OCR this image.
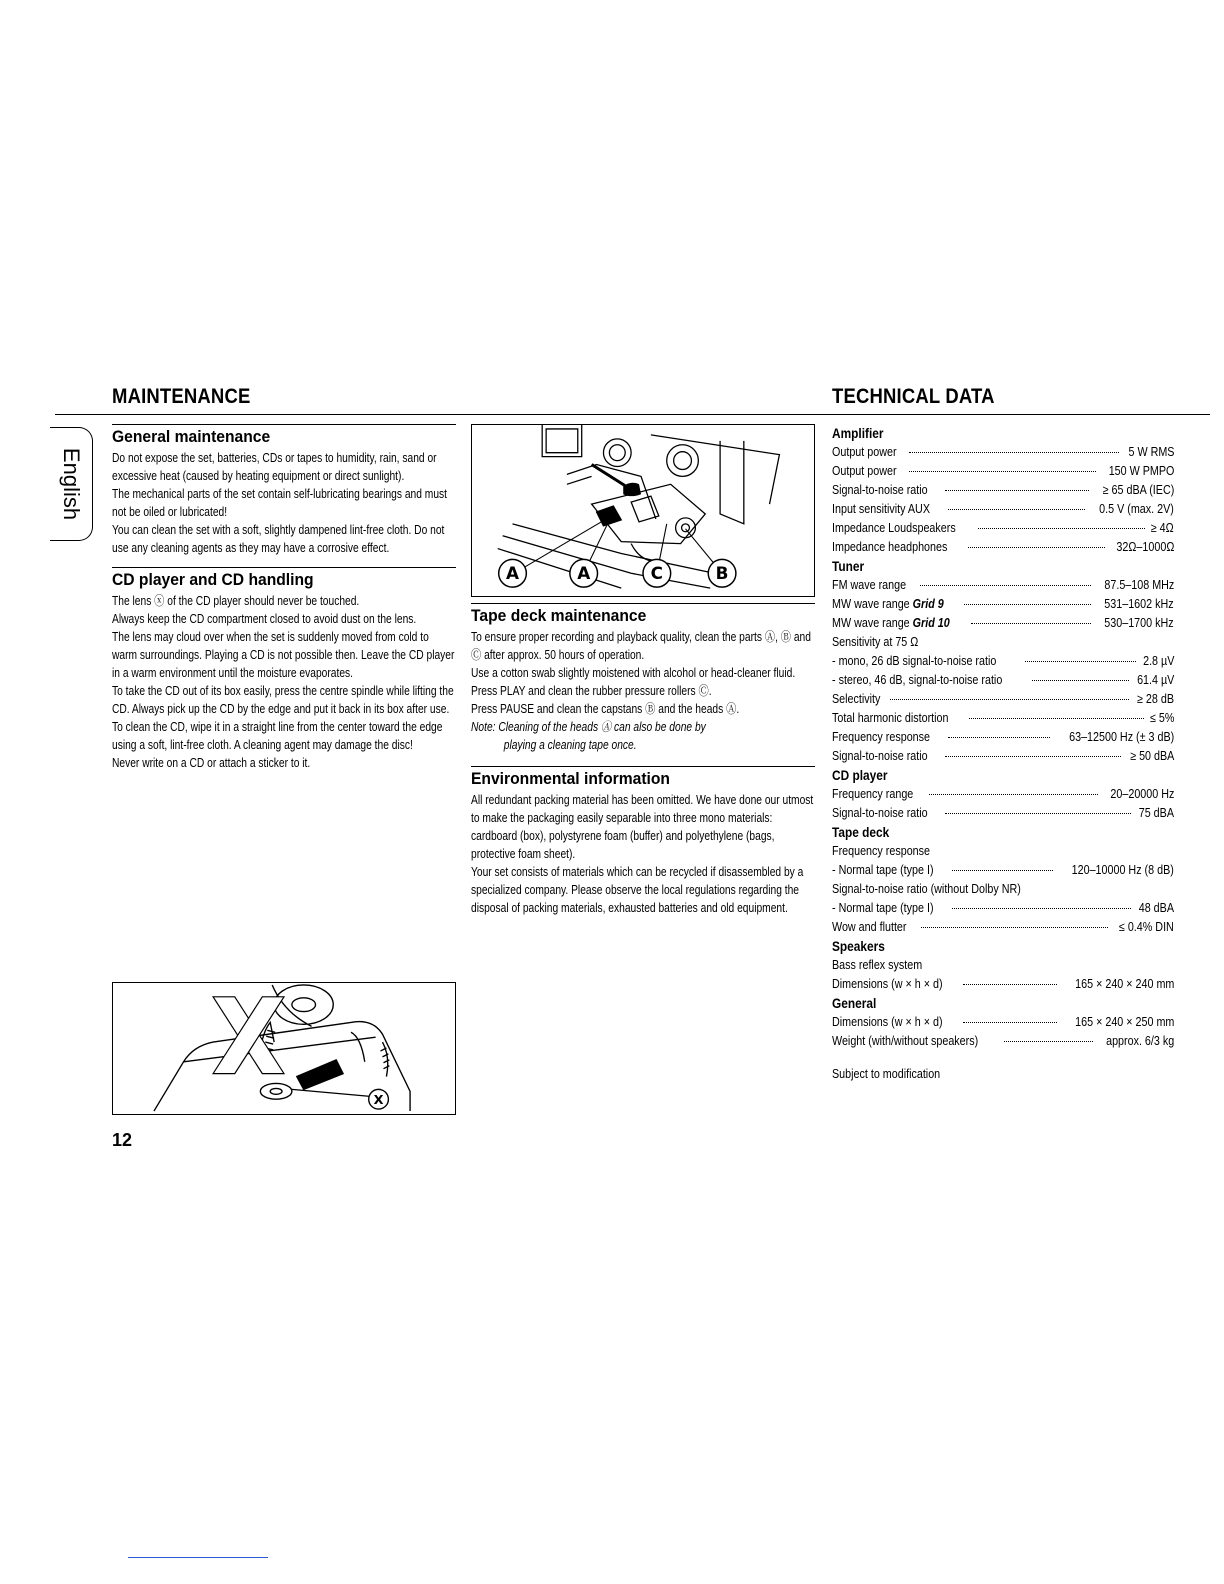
MAINTENANCE	TECHNICAL DATA
English
General maintenance

Do not expose the set, batteries, CDs or tapes to humidity, rain, sand or excessive heat (caused by heating equipment or direct sunlight).

The mechanical parts of the set contain self-lubricating bearings and must not be oiled or lubricated!

You can clean the set with a soft, slightly dampened lint-free cloth. Do not use any cleaning agents as they may have a corrosive effect.

CD player and CD handling

The lens ⓧ of the CD player should never be touched.

Always keep the CD compartment closed to avoid dust on the lens.

The lens may cloud over when the set is suddenly moved from cold to warm surroundings. Playing a CD is not possible then. Leave the CD player in a warm environment until the moisture evaporates.

To take the CD out of its box easily, press the centre spindle while lifting the CD. Always pick up the CD by the edge and put it back in its box after use.

To clean the CD, wipe it in a straight line from the center toward the edge using a soft, lint-free cloth. A cleaning agent may damage the disc!

Never write on a CD or attach a sticker to it.

X
A	A	C	B
Tape deck maintenance

To ensure proper recording and playback quality, clean the parts Ⓐ, Ⓑ and Ⓒ after approx. 50 hours of operation.

Use a cotton swab slightly moistened with alcohol or head-cleaner fluid.

Press PLAY and clean the rubber pressure rollers Ⓒ.

Press PAUSE and clean the capstans Ⓑ and the heads Ⓐ.

Note: Cleaning of the heads Ⓐ can also be done by

playing a cleaning tape once.

Environmental information

All redundant packing material has been omitted. We have done our utmost to make the packaging easily separable into three mono materials: cardboard (box), polystyrene foam (buffer) and polyethylene (bags, protective foam sheet).

Your set consists of materials which can be recycled if disassembled by a specialized company. Please observe the local regulations regarding the disposal of packing materials, exhausted batteries and old equipment.

Amplifier
Output power	5 W RMS
Output power	150 W PMPO
Signal-to-noise ratio	≥ 65 dBA (IEC)
Input sensitivity AUX	0.5 V (max. 2V)
Impedance Loudspeakers	≥ 4Ω
Impedance headphones	32Ω–1000Ω
Tuner
FM wave range	87.5–108 MHz
MW wave range Grid 9	531–1602 kHz
MW wave range Grid 10	530–1700 kHz
Sensitivity at 75 Ω
- mono, 26 dB signal-to-noise ratio	2.8 µV
- stereo, 46 dB, signal-to-noise ratio	61.4 µV
Selectivity	≥ 28 dB
Total harmonic distortion	≤ 5%
Frequency response	63–12500 Hz (± 3 dB)
Signal-to-noise ratio	≥ 50 dBA
CD player
Frequency range	20–20000 Hz
Signal-to-noise ratio	75 dBA
Tape deck
Frequency response
- Normal tape (type I)	120–10000 Hz (8 dB)
Signal-to-noise ratio (without Dolby NR)
- Normal tape (type I)	48 dBA
Wow and flutter	≤ 0.4% DIN
Speakers
Bass reflex system
Dimensions (w × h × d)	165 × 240 × 240 mm
General
Dimensions (w × h × d)	165 × 240 × 250 mm
Weight (with/without speakers)	approx. 6/3 kg
Subject to modification
12
